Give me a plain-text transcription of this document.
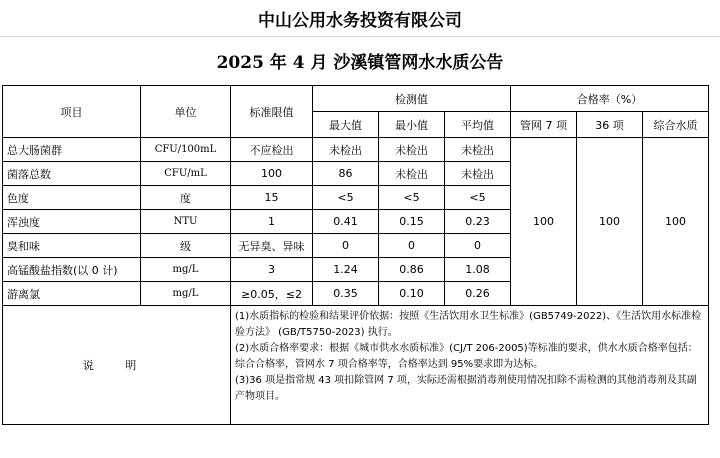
中山公用水务投资有限公司
2025 年 4 月 沙溪镇管网水水质公告
项目	单位	标准限值	检测值			合格率（%）		
			最大值	最小值	平均值	管网 7 项	36 项	综合水质
总大肠菌群	CFU/100mL	不应检出	未检出	未检出	未检出	100	100	100
菌落总数	CFU/mL	100	86	未检出	未检出			
色度	度	15	<5	<5	<5			
浑浊度	NTU	1	0.41	0.15	0.23			
臭和味	级	无异臭、异味	0	0	0			
高锰酸盐指数(以 0 计)	mg/L	3	1.24	0.86	1.08			
游离氯	mg/L	≥0.05，≤2	0.35	0.10	0.26			
说 明		(1)水质指标的检验和结果评价依据：按照《生活饮用水卫生标准》(GB5749-2022)、《生活饮用水标准检验方法》 (GB/T5750-2023) 执行。

(2)水质合格率要求：根据《城市供水水质标准》(CJ/T 206-2005)等标准的要求，供水水质合格率包括：综合合格率，管网水 7 项合格率等，合格率达到 95%要求即为达标。

(3)36 项是指常规 43 项扣除管网 7 项，实际还需根据消毒剂使用情况扣除不需检测的其他消毒剂及其副产物项目。						
